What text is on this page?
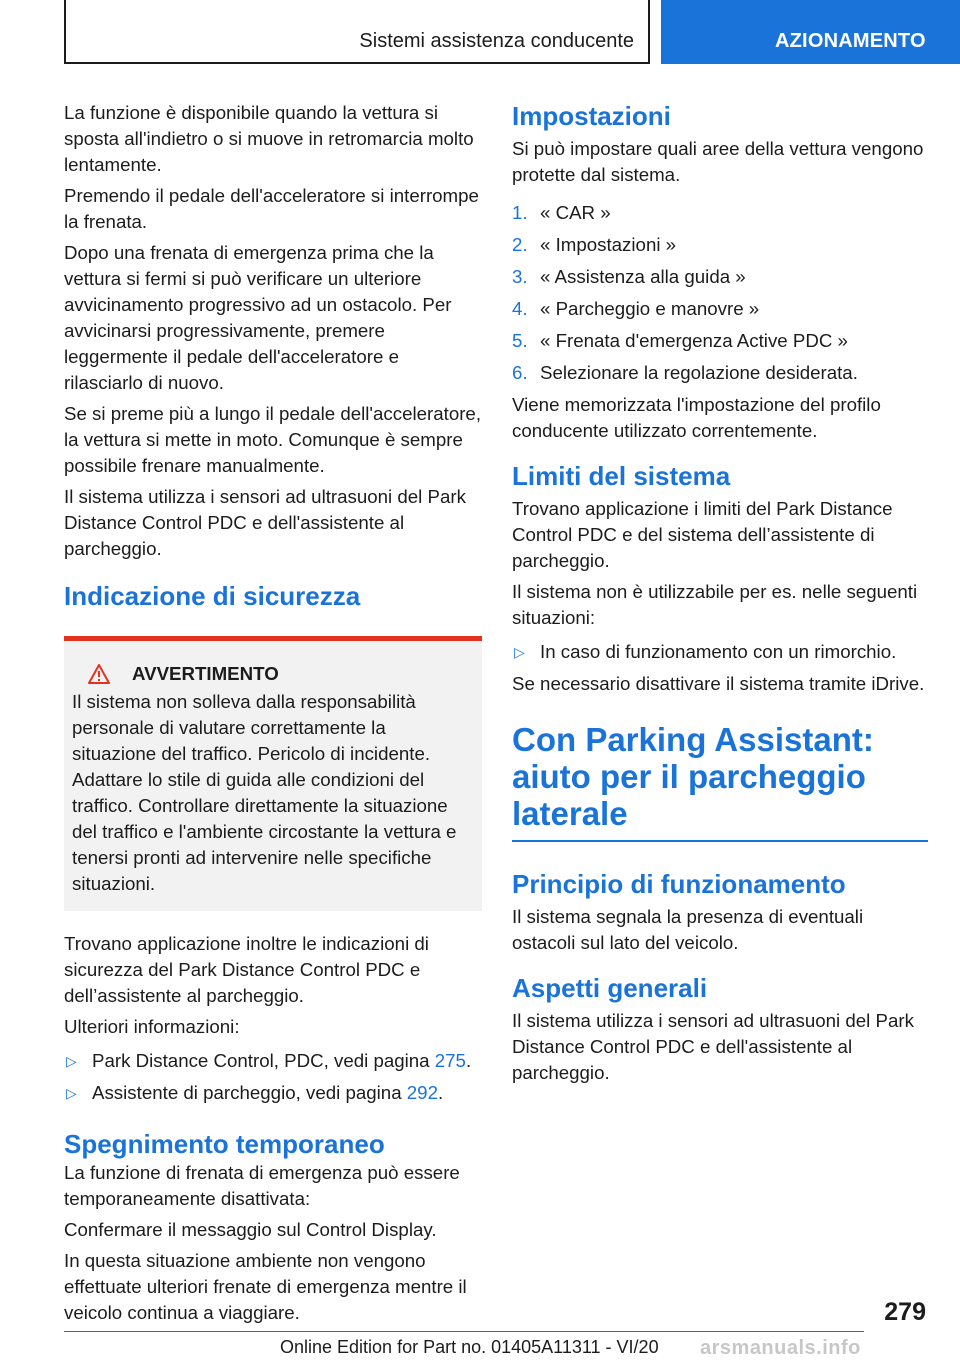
Sistemi assistenza conducente	AZIONAMENTO

La funzione è disponibile quando la vettura si sposta all'indietro o si muove in retromarcia molto lentamente.

Premendo il pedale dell'acceleratore si interrompe la frenata.

Dopo una frenata di emergenza prima che la vettura si fermi si può verificare un ulteriore avvicinamento progressivo ad un ostacolo. Per avvicinarsi progressivamente, premere leggermente il pedale dell'acceleratore e rilasciarlo di nuovo.

Se si preme più a lungo il pedale dell'acceleratore, la vettura si mette in moto. Comunque è sempre possibile frenare manualmente.

Il sistema utilizza i sensori ad ultrasuoni del Park Distance Control PDC e dell'assistente al parcheggio.

Indicazione di sicurezza
AVVERTIMENTO

Il sistema non solleva dalla responsabilità personale di valutare correttamente la situazione del traffico. Pericolo di incidente. Adattare lo stile di guida alle condizioni del traffico. Controllare direttamente la situazione del traffico e l'ambiente circostante la vettura e tenersi pronti ad intervenire nelle specifiche situazioni.

Trovano applicazione inoltre le indicazioni di sicurezza del Park Distance Control PDC e dell’assistente al parcheggio.

Ulteriori informazioni:

▷ Park Distance Control, PDC, vedi pagina 275.
▷ Assistente di parcheggio, vedi pagina 292.
Spegnimento temporaneo

La funzione di frenata di emergenza può essere temporaneamente disattivata:

Confermare il messaggio sul Control Display.

In questa situazione ambiente non vengono effettuate ulteriori frenate di emergenza mentre il veicolo continua a viaggiare.

Impostazioni

Si può impostare quali aree della vettura vengono protette dal sistema.

1. « CAR »
2. « Impostazioni »
3. « Assistenza alla guida »
4. « Parcheggio e manovre »
5. « Frenata d'emergenza Active PDC »
6. Selezionare la regolazione desiderata.

Viene memorizzata l'impostazione del profilo conducente utilizzato correntemente.

Limiti del sistema

Trovano applicazione i limiti del Park Distance Control PDC e del sistema dell’assistente di parcheggio.

Il sistema non è utilizzabile per es. nelle seguenti situazioni:

▷ In caso di funzionamento con un rimorchio.

Se necessario disattivare il sistema tramite iDrive.

Con Parking Assistant: aiuto per il parcheggio laterale
Principio di funzionamento

Il sistema segnala la presenza di eventuali ostacoli sul lato del veicolo.

Aspetti generali

Il sistema utilizza i sensori ad ultrasuoni del Park Distance Control PDC e dell'assistente al parcheggio.

279
Online Edition for Part no. 01405A11311 - VI/20 arsmanuals.info
